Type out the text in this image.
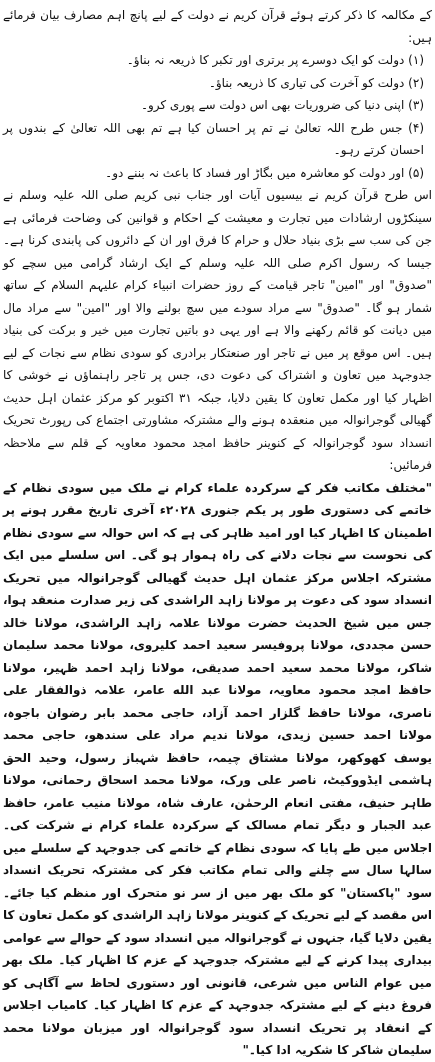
کے مکالمہ کا ذکر کرتے ہوئے قرآن کریم نے دولت کے لیے پانچ اہم مصارف بیان فرمائے ہیں:

(۱) دولت کو ایک دوسرے پر برتری اور تکبر کا ذریعہ نہ بناؤ۔

(۲) دولت کو آخرت کی تیاری کا ذریعہ بناؤ۔

(۳) اپنی دنیا کی ضروریات بھی اس دولت سے پوری کرو۔

(۴) جس طرح اللہ تعالیٰ نے تم پر احسان کیا ہے تم بھی اللہ تعالیٰ کے بندوں پر احسان کرتے رہو۔

(۵) اور دولت کو معاشرہ میں بگاڑ اور فساد کا باعث نہ بننے دو۔

اس طرح قرآن کریم نے بیسیوں آیات اور جناب نبی کریم صلی اللہ علیہ وسلم نے سینکڑوں ارشادات میں تجارت و معیشت کے احکام و قوانین کی وضاحت فرمائی ہے جن کی سب سے بڑی بنیاد حلال و حرام کا فرق اور ان کے دائروں کی پابندی کرنا ہے۔ جیسا کہ رسول اکرم صلی اللہ علیہ وسلم کے ایک ارشاد گرامی میں سچے کو "صدوق" اور "امین" تاجر قیامت کے روز حضرات انبیاء کرام علیہم السلام کے ساتھ شمار ہو گا۔ "صدوق" سے مراد سودے میں سچ بولنے والا اور "امین" سے مراد مال میں دیانت کو قائم رکھنے والا ہے اور یہی دو باتیں تجارت میں خیر و برکت کی بنیاد ہیں۔ اس موقع پر میں نے تاجر اور صنعتکار برادری کو سودی نظام سے نجات کے لیے جدوجہد میں تعاون و اشتراک کی دعوت دی، جس پر تاجر راہنماؤں نے خوشی کا اظہار کیا اور مکمل تعاون کا یقین دلایا، جبکہ ۳۱ اکتوبر کو مرکز عثمان اہل حدیث گھیالی گوجرانوالہ میں منعقدہ ہونے والے مشترکہ مشاورتی اجتماع کی رپورٹ تحریک انسداد سود گوجرانوالہ کے کنوینر حافظ امجد محمود معاویہ کے قلم سے ملاحظہ فرمائیں:

"مختلف مکاتب فکر کے سرکردہ علماء کرام نے ملک میں سودی نظام کے خاتمے کی دستوری طور پر یکم جنوری ۲۰۲۸ء آخری تاریخ مقرر ہونے پر اطمینان کا اظہار کیا اور امید ظاہر کی ہے کہ اس حوالہ سے سودی نظام کی نحوست سے نجات دلانے کی راہ ہموار ہو گی۔ اس سلسلے میں ایک مشترکہ اجلاس مرکز عثمان اہل حدیث گھیالی گوجرانوالہ میں تحریک انسداد سود کی دعوت پر مولانا زاہد الراشدی کی زیر صدارت منعقد ہوا، جس میں شیخ الحدیث حضرت مولانا علامہ زاہد الراشدی، مولانا خالد حسن مجددی، مولانا پروفیسر سعید احمد کلیروی، مولانا محمد سلیمان شاکر، مولانا محمد سعید احمد صدیقی، مولانا زاہد احمد ظہیر، مولانا حافظ امجد محمود معاویہ، مولانا عبد الله عامر، علامہ ذوالفقار علی ناصری، مولانا حافظ گلزار احمد آزاد، حاجی محمد بابر رضوان باجوہ، مولانا احمد حسین زیدی، مولانا ندیم مراد علی سندھو، حاجی محمد یوسف کھوکھر، مولانا مشتاق چیمہ، حافظ شہباز رسول، وحید الحق ہاشمی ایڈووکیٹ، ناصر علی ورک، مولانا محمد اسحاق رحمانی، مولانا طاہر حنیف، مفتی انعام الرحمٰن، عارف شاہ، مولانا منیب عامر، حافظ عبد الجبار و دیگر تمام مسالک کے سرکردہ علماء کرام نے شرکت کی۔ اجلاس میں طے پایا کہ سودی نظام کے خاتمے کی جدوجہد کے سلسلے میں سالہا سال سے چلنے والی تمام مکاتب فکر کی مشترکہ تحریک انسداد سود "پاکستان" کو ملک بھر میں از سر نو متحرک اور منظم کیا جائے۔ اس مقصد کے لیے تحریک کے کنوینر مولانا زاہد الراشدی کو مکمل تعاون کا یقین دلایا گیا، جنہوں نے گوجرانوالہ میں انسداد سود کے حوالے سے عوامی بیداری پیدا کرنے کے لیے مشترکہ جدوجہد کے عزم کا اظہار کیا۔ ملک بھر میں عوام الناس میں شرعی، قانونی اور دستوری لحاظ سے آگاہی کو فروغ دینے کے لیے مشترکہ جدوجہد کے عزم کا اظہار کیا۔ کامیاب اجلاس کے انعقاد پر تحریک انسداد سود گوجرانوالہ اور میزبان مولانا محمد سلیمان شاکر کا شکریہ ادا کیا۔"
